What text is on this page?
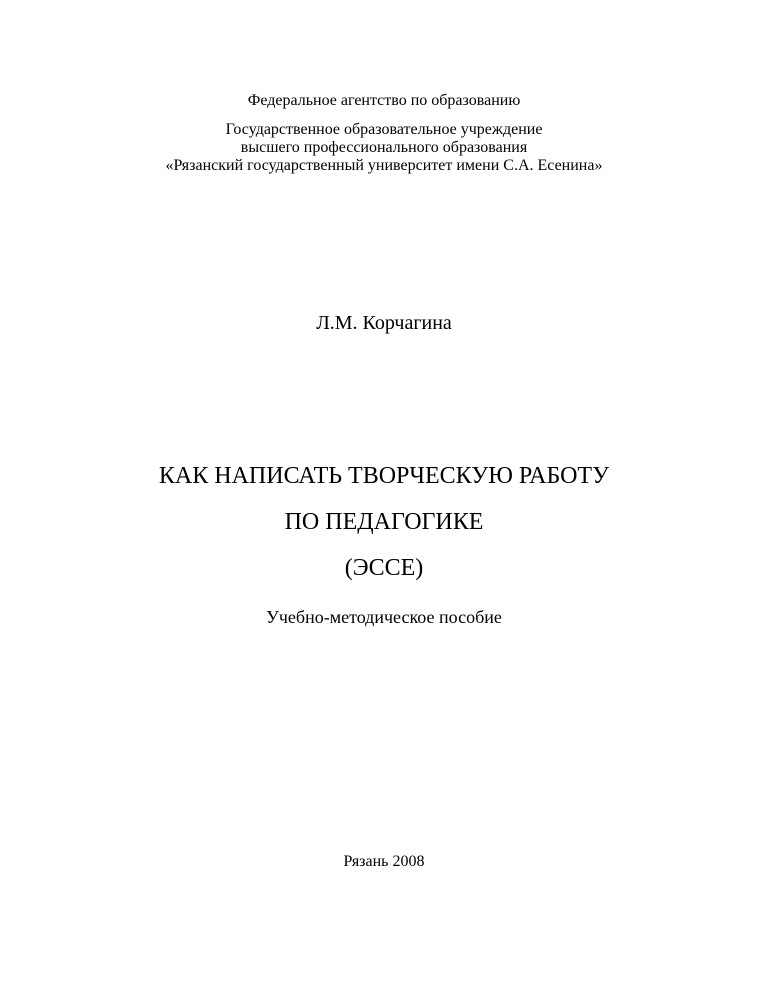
Федеральное агентство по образованию
Государственное образовательное учреждение
высшего профессионального образования
«Рязанский государственный университет имени С.А. Есенина»
Л.М. Корчагина
КАК НАПИСАТЬ ТВОРЧЕСКУЮ РАБОТУ
ПО ПЕДАГОГИКЕ
(ЭССЕ)
Учебно-методическое пособие
Рязань 2008
